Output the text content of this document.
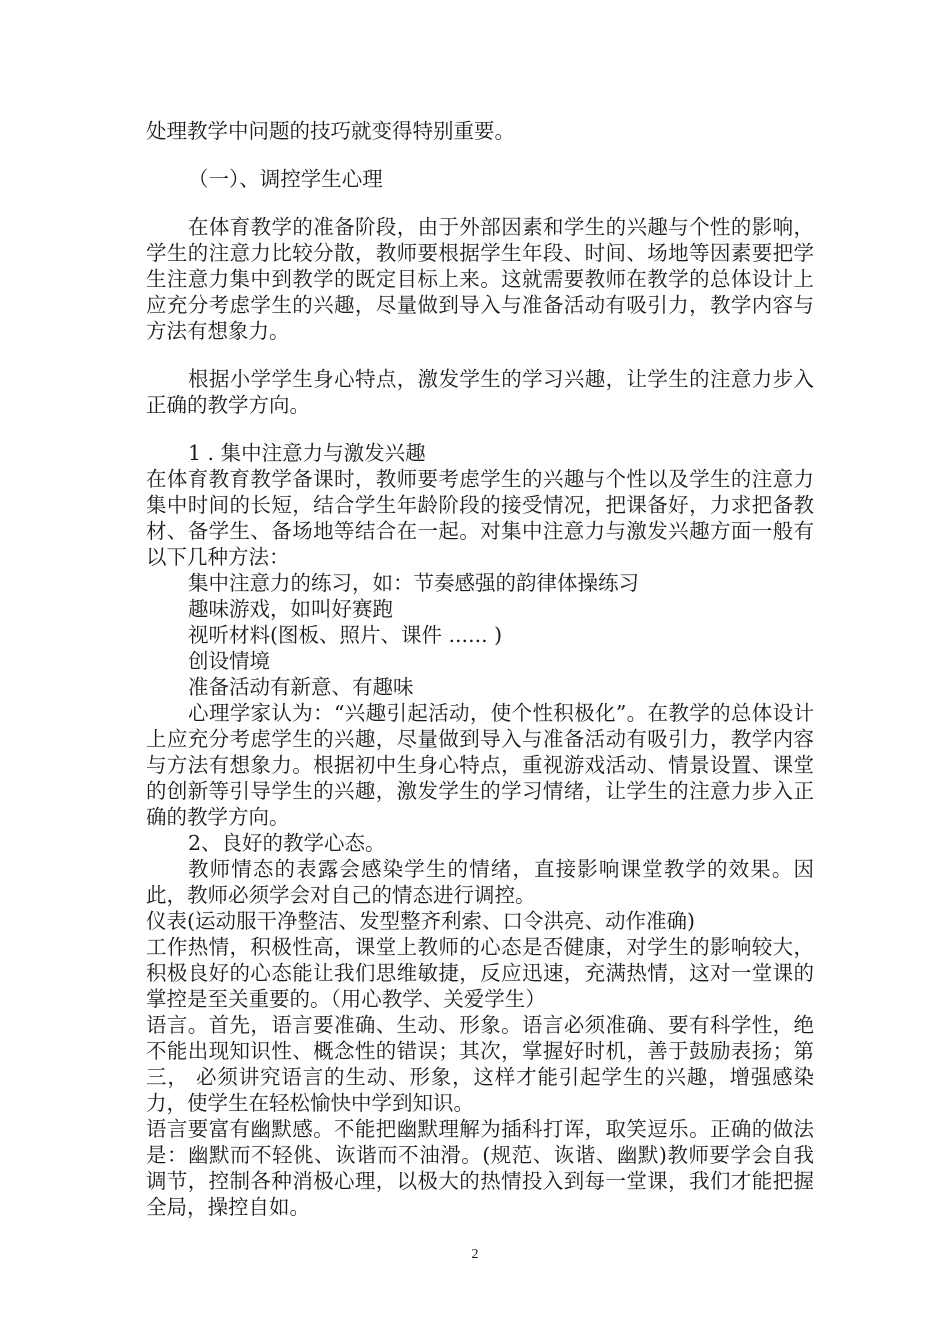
处理教学中问题的技巧就变得特别重要。

（一）、调控学生心理

在体育教学的准备阶段，由于外部因素和学生的兴趣与个性的影响，学生的注意力比较分散，教师要根据学生年段、时间、场地等因素要把学生注意力集中到教学的既定目标上来。这就需要教师在教学的总体设计上应充分考虑学生的兴趣，尽量做到导入与准备活动有吸引力，教学内容与方法有想象力。

根据小学学生身心特点，激发学生的学习兴趣，让学生的注意力步入正确的教学方向。

1 . 集中注意力与激发兴趣

在体育教育教学备课时，教师要考虑学生的兴趣与个性以及学生的注意力集中时间的长短，结合学生年龄阶段的接受情况，把课备好，力求把备教材、备学生、备场地等结合在一起。对集中注意力与激发兴趣方面一般有以下几种方法：

集中注意力的练习，如：节奏感强的韵律体操练习

趣味游戏，如叫好赛跑

视听材料(图板、照片、课件 ...... )

创设情境

准备活动有新意、有趣味

心理学家认为：“兴趣引起活动，使个性积极化”。在教学的总体设计上应充分考虑学生的兴趣，尽量做到导入与准备活动有吸引力，教学内容与方法有想象力。根据初中生身心特点，重视游戏活动、情景设置、课堂的创新等引导学生的兴趣，激发学生的学习情绪，让学生的注意力步入正确的教学方向。

2、良好的教学心态。

教师情态的表露会感染学生的情绪，直接影响课堂教学的效果。因此，教师必须学会对自己的情态进行调控。

仪表(运动服干净整洁、发型整齐利索、口令洪亮、动作准确)

工作热情，积极性高，课堂上教师的心态是否健康，对学生的影响较大，积极良好的心态能让我们思维敏捷，反应迅速，充满热情，这对一堂课的掌控是至关重要的。（用心教学、关爱学生）

语言。首先，语言要准确、生动、形象。语言必须准确、要有科学性，绝不能出现知识性、概念性的错误；其次，掌握好时机，善于鼓励表扬；第三， 必须讲究语言的生动、形象，这样才能引起学生的兴趣，增强感染力，使学生在轻松愉快中学到知识。

语言要富有幽默感。不能把幽默理解为插科打诨，取笑逗乐。正确的做法是：幽默而不轻佻、诙谐而不油滑。(规范、诙谐、幽默)教师要学会自我调节，控制各种消极心理，以极大的热情投入到每一堂课，我们才能把握全局，操控自如。

2
